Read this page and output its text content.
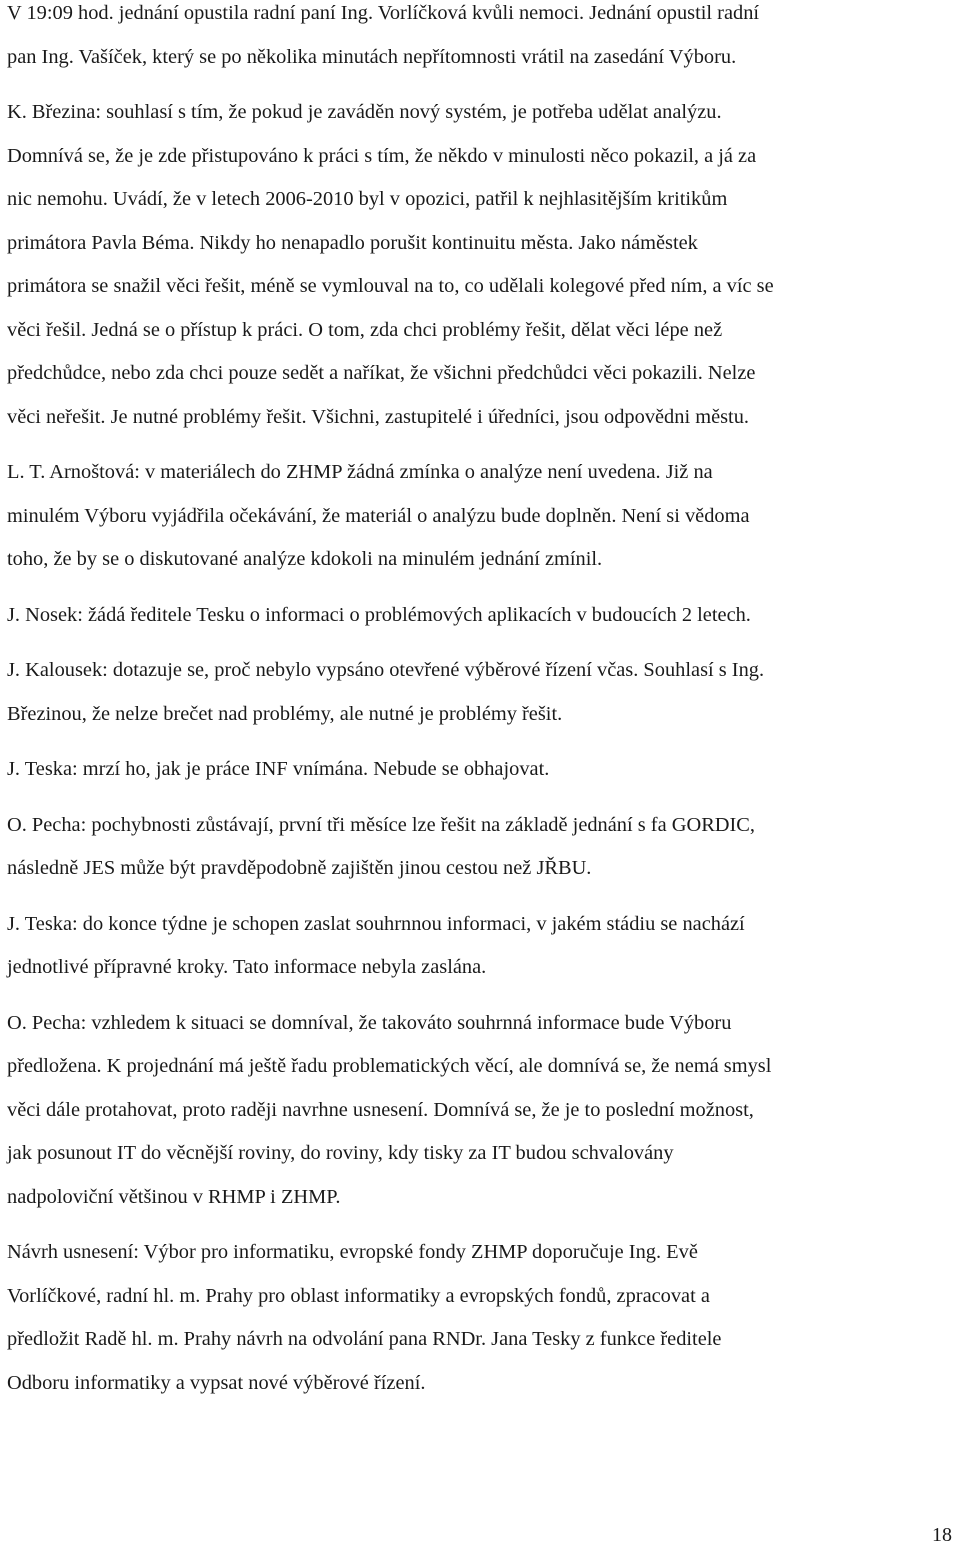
V 19:09 hod. jednání opustila radní paní Ing. Vorlíčková kvůli nemoci. Jednání opustil radní
pan Ing. Vašíček, který se po několika minutách nepřítomnosti vrátil na zasedání Výboru.

K. Březina: souhlasí s tím, že pokud je zaváděn nový systém, je potřeba udělat analýzu.
Domnívá se, že je zde přistupováno k práci s tím, že někdo v minulosti něco pokazil, a já za
nic nemohu. Uvádí, že v letech 2006-2010 byl v opozici, patřil k nejhlasitějším kritikům
primátora Pavla Béma. Nikdy ho nenapadlo porušit kontinuitu města. Jako náměstek
primátora se snažil věci řešit, méně se vymlouval na to, co udělali kolegové před ním, a víc se
věci řešil. Jedná se o přístup k práci. O tom, zda chci problémy řešit, dělat věci lépe než
předchůdce, nebo zda chci pouze sedět a naříkat, že všichni předchůdci věci pokazili. Nelze
věci neřešit. Je nutné problémy řešit. Všichni, zastupitelé i úředníci, jsou odpovědni městu.

L. T. Arnoštová: v materiálech do ZHMP žádná zmínka o analýze není uvedena. Již na
minulém Výboru vyjádřila očekávání, že materiál o analýzu bude doplněn. Není si vědoma
toho, že by se o diskutované analýze kdokoli na minulém jednání zmínil.

J. Nosek: žádá ředitele Tesku o informaci o problémových aplikacích v budoucích 2 letech.

J. Kalousek: dotazuje se, proč nebylo vypsáno otevřené výběrové řízení včas. Souhlasí s Ing.
Březinou, že nelze brečet nad problémy, ale nutné je problémy řešit.

J. Teska: mrzí ho, jak je práce INF vnímána. Nebude se obhajovat.

O. Pecha: pochybnosti zůstávají, první tři měsíce lze řešit na základě jednání s fa GORDIC,
následně JES může být pravděpodobně zajištěn jinou cestou než JŘBU.

J. Teska: do konce týdne je schopen zaslat souhrnnou informaci, v jakém stádiu se nachází
jednotlivé přípravné kroky. Tato informace nebyla zaslána.

O. Pecha: vzhledem k situaci se domníval, že takováto souhrnná informace bude Výboru
předložena. K projednání má ještě řadu problematických věcí, ale domnívá se, že nemá smysl
věci dále protahovat, proto raději navrhne usnesení. Domnívá se, že je to poslední možnost,
jak posunout IT do věcnější roviny, do roviny, kdy tisky za IT budou schvalovány
nadpoloviční většinou v RHMP i ZHMP.

Návrh usnesení: Výbor pro informatiku, evropské fondy ZHMP doporučuje Ing. Evě
Vorlíčkové, radní hl. m. Prahy pro oblast informatiky a evropských fondů, zpracovat a
předložit Radě hl. m. Prahy návrh na odvolání pana RNDr. Jana Tesky z funkce ředitele
Odboru informatiky a vypsat nové výběrové řízení.

18
